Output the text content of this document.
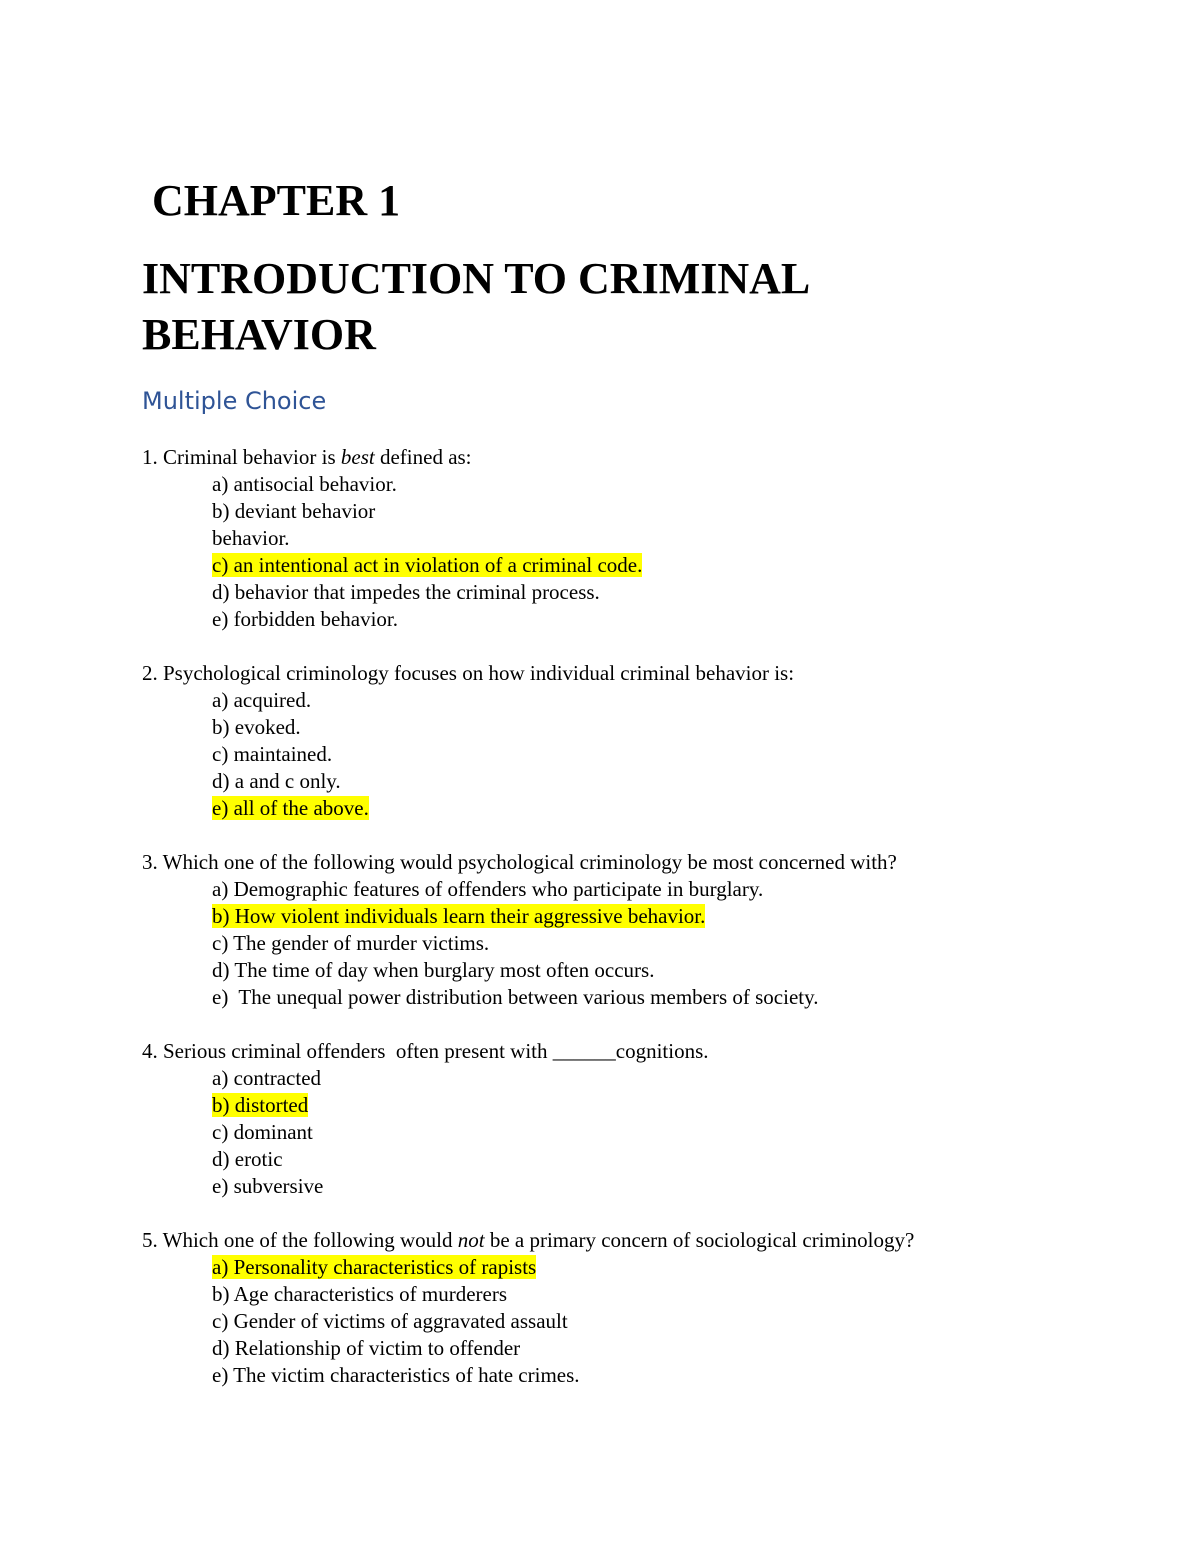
CHAPTER 1
INTRODUCTION TO CRIMINAL BEHAVIOR
Multiple Choice

1. Criminal behavior is best defined as:

a) antisocial behavior.
b) deviant behavior
behavior.
c) an intentional act in violation of a criminal code.
d) behavior that impedes the criminal process.
e) forbidden behavior.

2. Psychological criminology focuses on how individual criminal behavior is:

a) acquired.
b) evoked.
c) maintained.
d) a and c only.
e) all of the above.

3. Which one of the following would psychological criminology be most concerned with?

a) Demographic features of offenders who participate in burglary.
b) How violent individuals learn their aggressive behavior.
c) The gender of murder victims.
d) The time of day when burglary most often occurs.
e)  The unequal power distribution between various members of society.

4. Serious criminal offenders  often present with ______cognitions.

a) contracted
b) distorted
c) dominant
d) erotic
e) subversive

5. Which one of the following would not be a primary concern of sociological criminology?

a) Personality characteristics of rapists
b) Age characteristics of murderers
c) Gender of victims of aggravated assault
d) Relationship of victim to offender
e) The victim characteristics of hate crimes.
